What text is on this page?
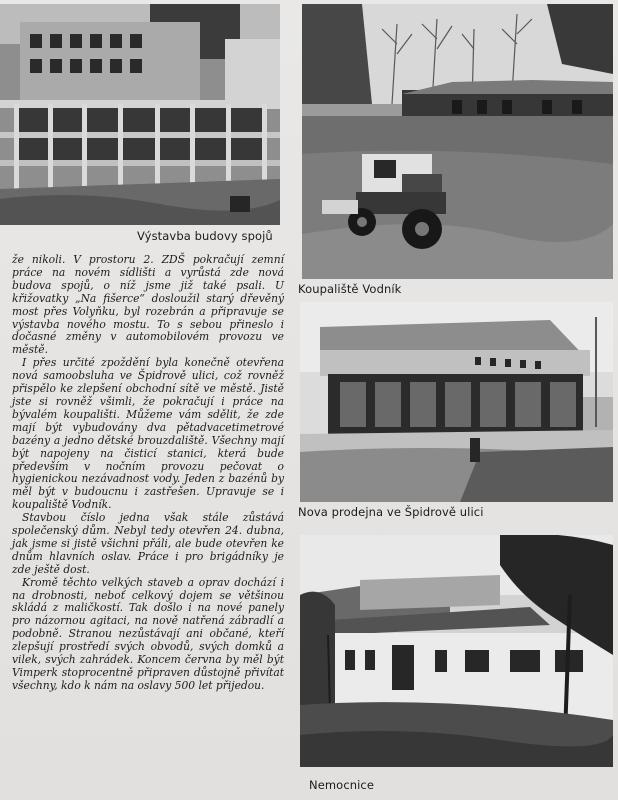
Výstavba budovy spojů
Koupaliště Vodník
Nova prodejna ve Špidrově ulici
Nemocnice

že nikoli. V prostoru 2. ZDŠ pokračují zemní práce na novém sídlišti a vyrůstá zde nová budova spojů, o níž jsme již také psali. U křižovatky „Na fišerce“ dosloužil starý dřevěný most přes Volyňku, byl rozebrán a připravuje se výstavba nového mostu. To s sebou přineslo i dočasné změny v automobilovém provozu ve městě.

I přes určité zpoždění byla konečně otevřena nová samoobsluha ve Špidrově ulici, což rovněž přispělo ke zlepšení obchodní sítě ve městě. Jistě jste si rovněž všimli, že pokračují i práce na bývalém koupališti. Můžeme vám sdělit, že zde mají být vybudovány dva pětadvacetimetrové bazény a jedno dětské brouzdaliště. Všechny mají být napojeny na čisticí stanici, která bude především v nočním provozu pečovat o hygienickou nezávadnost vody. Jeden z bazénů by měl být v budoucnu i zastřešen. Upravuje se i koupaliště Vodník.

Stavbou číslo jedna však stále zůstává společenský dům. Nebyl tedy otevřen 24. dubna, jak jsme si jistě všichni přáli, ale bude otevřen ke dnům hlavních oslav. Práce i pro brigádníky je zde ještě dost.

Kromě těchto velkých staveb a oprav dochází i na drobnosti, neboť celkový dojem se většinou skládá z maličkostí. Tak došlo i na nové panely pro názornou agitaci, na nově natřená zábradlí a podobně. Stranou nezůstávají ani občané, kteří zlepšují prostředí svých obvodů, svých domků a vilek, svých zahrádek. Koncem června by měl být Vimperk stoprocentně připraven důstojně přivítat všechny, kdo k nám na oslavy 500 let přijedou.
